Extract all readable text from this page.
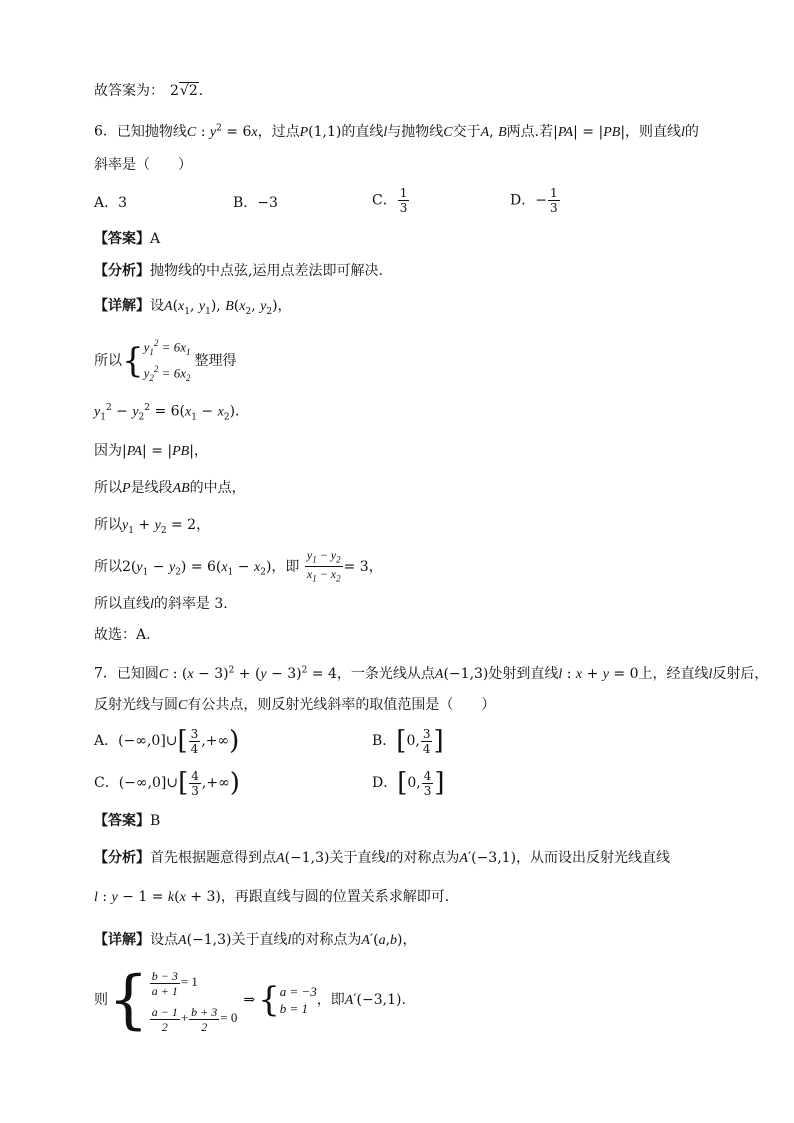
故答案为： 2√2.
6．已知抛物线C : $y^2 = 6x$，过点P(1,1)的直线l与抛物线C交于A, B两点.若|PA| = |PB|，则直线l的
斜率是（　　）
A．3	B．−3	C． $\frac{1}{3}$	D．− $\frac{1}{3}$
【答案】A
【分析】抛物线的中点弦,运用点差法即可解决.
【详解】设$A(x_1$, $y_1$), $B(x_2$, $y_2$)，
所以{ $y_1^2 = 6x_1$
$y_2^2 = 6x_2$
整理得
$y_1^2 - y_2^2 = 6(x_1 - x_2)$.
因为|PA| = |PB|，
所以P是线段AB的中点，
所以$y_1 + y_2 = 2$，
所以$2(y_1 - y_2) = 6(x_1 - x_2)$，即 $\frac{y_1 - y_2}{x_1 - x_2} = 3$，
所以直线l的斜率是 3.
故选：A.
7．已知圆C : $(x - 3)^2 + (y - 3)^2 = 4$，一条光线从点A(−1,3)处射到直线l : x + y = 0上，经直线l反射后，
反射光线与圆C有公共点，则反射光线斜率的取值范围是（　　）
A．(−∞,0]∪[ $\frac{3}{4}$ ,+∞)	B．[0, $\frac{3}{4}$ ]
C．(−∞,0]∪[ $\frac{4}{3}$ ,+∞)	D．[0, $\frac{4}{3}$ ]
【答案】B
【分析】首先根据题意得到点A(−1,3)关于直线l的对称点为A′(−3,1)，从而设出反射光线直线
l : y − 1 = k(x + 3)，再跟直线与圆的位置关系求解即可.
【详解】设点A(−1,3)关于直线l的对称点为A′(a,b)，
则{ $\frac{b - 3}{a + 1} = 1$
$\frac{a - 1}{2} + \frac{b + 3}{2} = 0$
⇒{ a = −3
b = 1
，即A′(−3,1).
